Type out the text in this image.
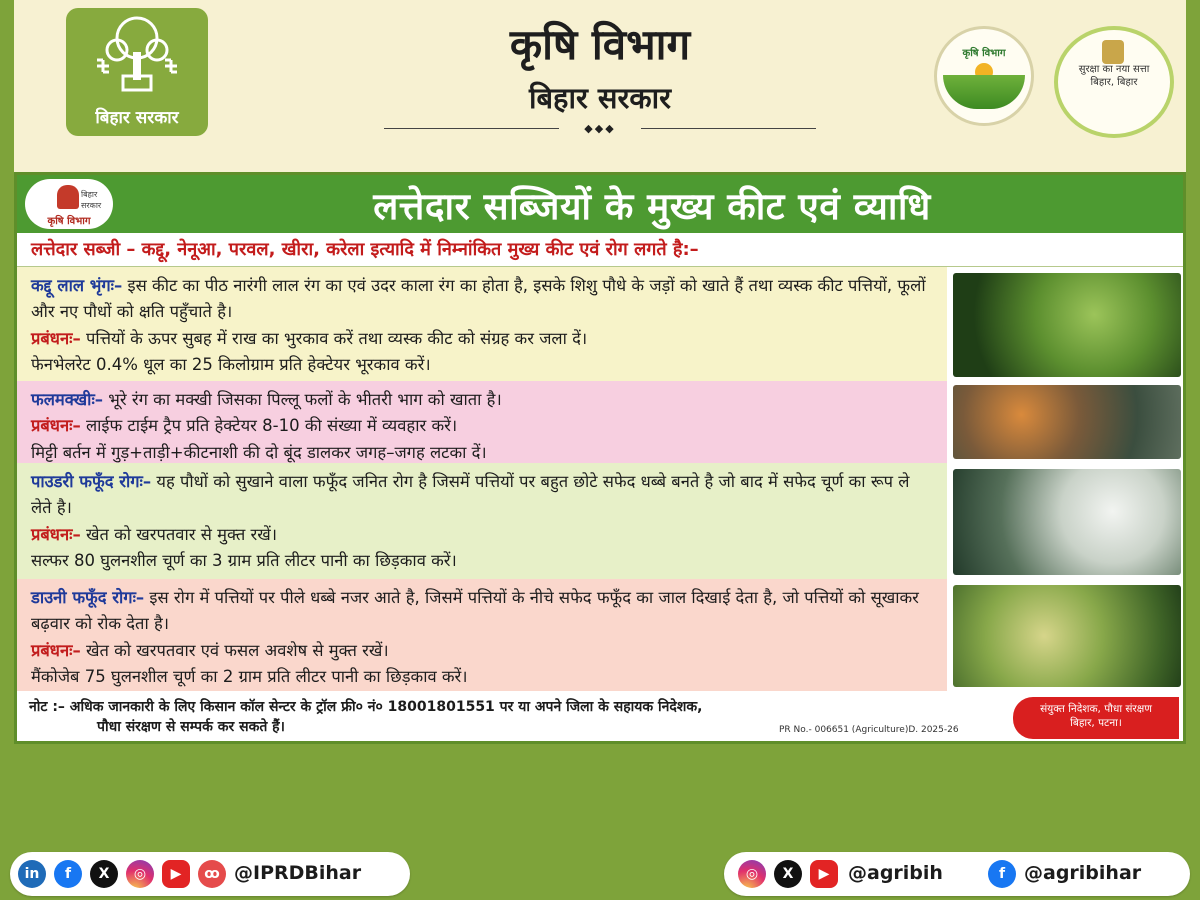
बिहार सरकार
कृषि विभाग
बिहार सरकार
◆◆◆
कृषि विभाग
सुरक्षा का नया सत्ता बिहार, बिहार
बिहार सरकार
कृषि विभाग	लत्तेदार सब्जियों के मुख्य कीट एवं व्याधि
लत्तेदार सब्जी – कद्दू, नेनूआ, परवल, खीरा, करेला इत्यादि में निम्नांकित मुख्य कीट एवं रोग लगते है:–
कद्दू लाल भृंगः– इस कीट का पीठ नारंगी लाल रंग का एवं उदर काला रंग का होता है, इसके शिशु पौधे के जड़ों को खाते हैं तथा व्यस्क कीट पत्तियों, फूलों और नए पौधों को क्षति पहुँचाते है।
प्रबंधनः– पत्तियों के ऊपर सुबह में राख का भुरकाव करें तथा व्यस्क कीट को संग्रह कर जला दें।
फेनभेलरेट 0.4% धूल का 25 किलोग्राम प्रति हेक्टेयर भूरकाव करें।
फलमक्खीः– भूरे रंग का मक्खी जिसका पिल्लू फलों के भीतरी भाग को खाता है।
प्रबंधनः– लाईफ टाईम ट्रैप प्रति हेक्टेयर 8-10 की संख्या में व्यवहार करें।
मिट्टी बर्तन में गुड़+ताड़ी+कीटनाशी की दो बूंद डालकर जगह–जगह लटका दें।
पाउडरी फफूँद रोगः– यह पौधों को सुखाने वाला फफूँद जनित रोग है जिसमें पत्तियों पर बहुत छोटे सफेद धब्बे बनते है जो बाद में सफेद चूर्ण का रूप ले लेते है।
प्रबंधनः– खेत को खरपतवार से मुक्त रखें।
सल्फर 80 घुलनशील चूर्ण का 3 ग्राम प्रति लीटर पानी का छिड़काव करें।
डाउनी फफूँद रोगः– इस रोग में पत्तियों पर पीले धब्बे नजर आते है, जिसमें पत्तियों के नीचे सफेद फफूँद का जाल दिखाई देता है, जो पत्तियों को सूखाकर बढ़वार को रोक देता है।
प्रबंधनः– खेत को खरपतवार एवं फसल अवशेष से मुक्त रखें।
मैंकोजेब 75 घुलनशील चूर्ण का 2 ग्राम प्रति लीटर पानी का छिड़काव करें।
नोट :– अधिक जानकारी के लिए किसान कॉल सेन्टर के ट्रॉल फ्री० नं० 18001801551 पर या अपने जिला के सहायक निदेशक,
पौधा संरक्षण से सम्पर्क कर सकते हैं।	PR No.- 006651 (Agriculture)D. 2025-26
संयुक्त निदेशक, पौधा संरक्षण
बिहार, पटना।
in	f	X	◎	▶	ꝏ @IPRDBihar	◎	X	▶ @agribih	f @agribihar
